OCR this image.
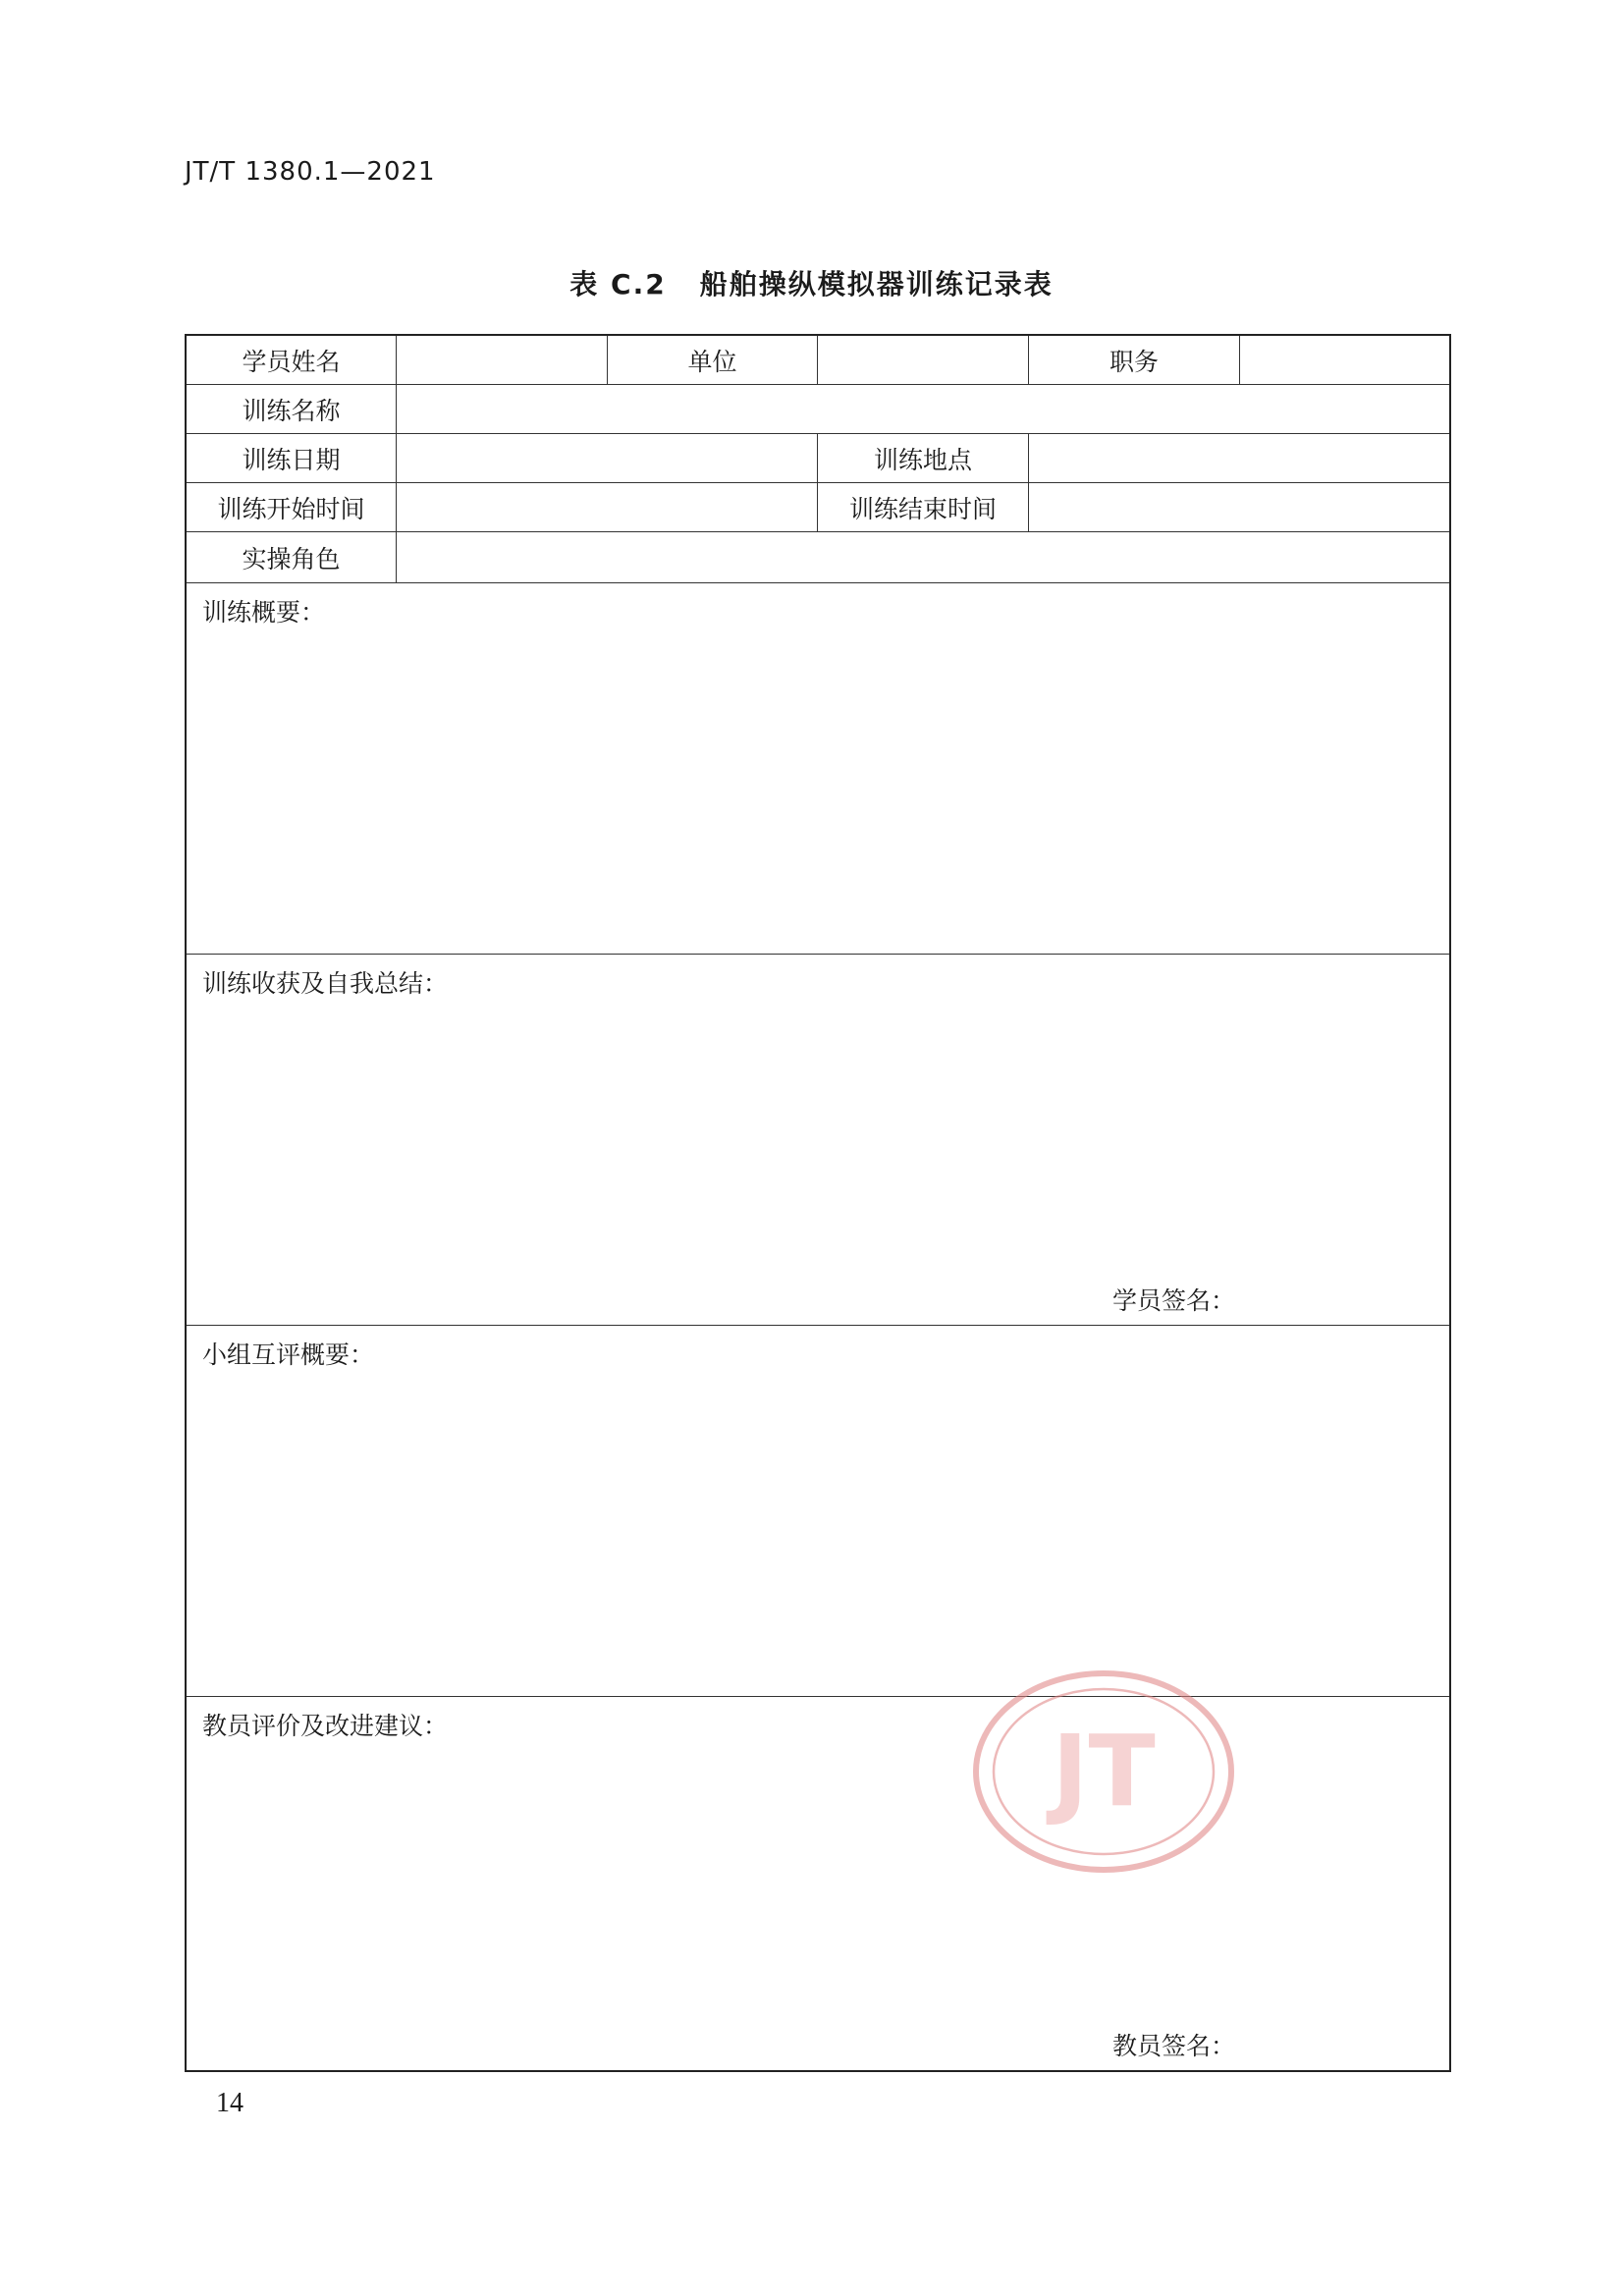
JT/T 1380.1—2021
表 C.2 船舶操纵模拟器训练记录表
学员姓名	单位	职务
训练名称
训练日期	训练地点
训练开始时间	训练结束时间
实操角色
训练概要：
训练收获及自我总结：
学员签名：
小组互评概要：
教员评价及改进建议：
教员签名：
JT
14
